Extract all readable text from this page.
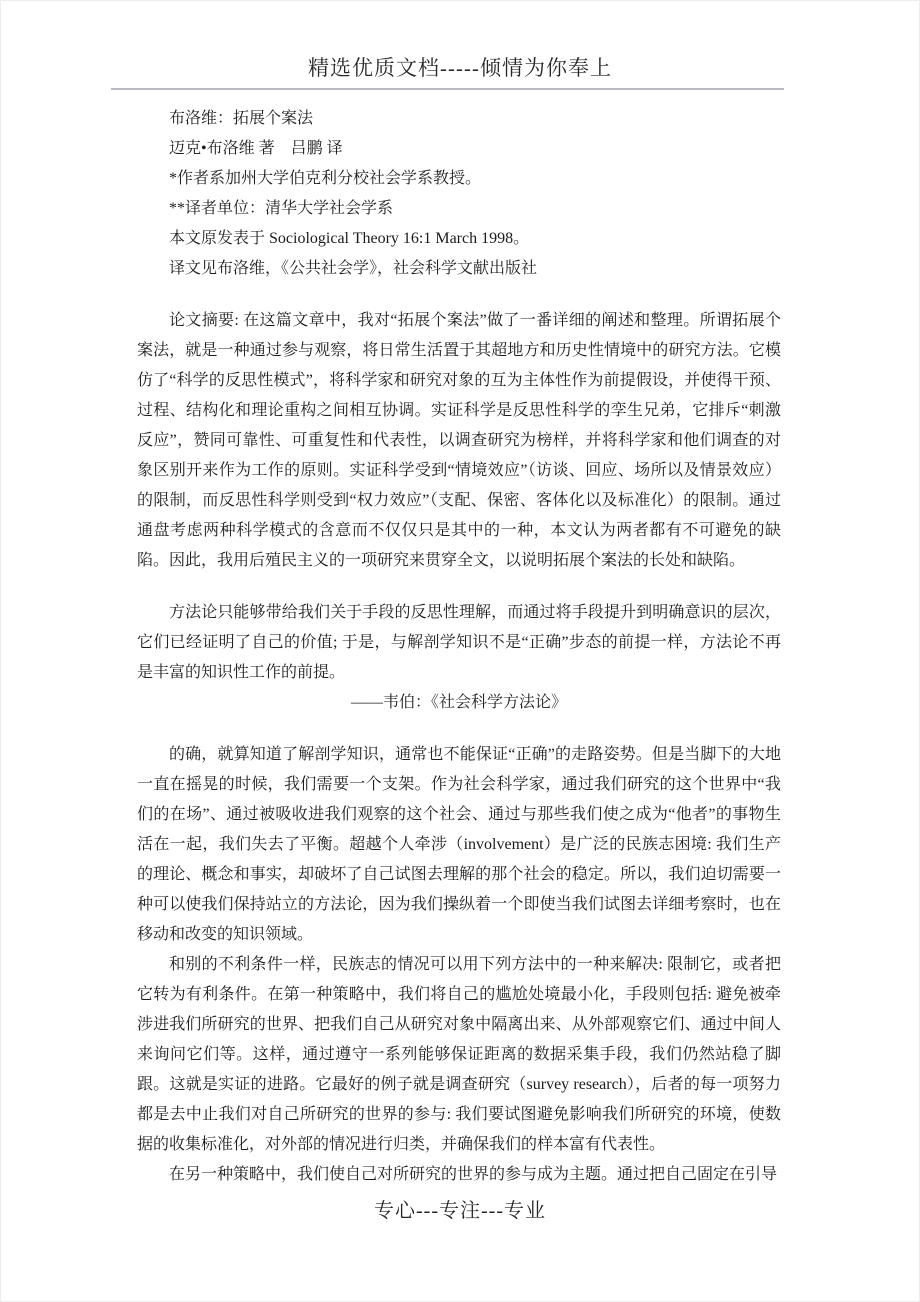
精选优质文档-----倾情为你奉上

布洛维：拓展个案法

迈克•布洛维 著　吕鹏 译

*作者系加州大学伯克利分校社会学系教授。

**译者单位：清华大学社会学系

本文原发表于 Sociological Theory 16:1 March 1998。

译文见布洛维，《公共社会学》，社会科学文献出版社

论文摘要: 在这篇文章中，我对“拓展个案法”做了一番详细的阐述和整理。所谓拓展个案法，就是一种通过参与观察，将日常生活置于其超地方和历史性情境中的研究方法。它模仿了“科学的反思性模式”，将科学家和研究对象的互为主体性作为前提假设，并使得干预、过程、结构化和理论重构之间相互协调。实证科学是反思性科学的孪生兄弟，它排斥“刺激反应”，赞同可靠性、可重复性和代表性，以调查研究为榜样，并将科学家和他们调查的对象区别开来作为工作的原则。实证科学受到“情境效应”（访谈、回应、场所以及情景效应）的限制，而反思性科学则受到“权力效应”（支配、保密、客体化以及标准化）的限制。通过通盘考虑两种科学模式的含意而不仅仅只是其中的一种，本文认为两者都有不可避免的缺陷。因此，我用后殖民主义的一项研究来贯穿全文，以说明拓展个案法的长处和缺陷。

方法论只能够带给我们关于手段的反思性理解，而通过将手段提升到明确意识的层次，它们已经证明了自己的价值; 于是，与解剖学知识不是“正确”步态的前提一样，方法论不再是丰富的知识性工作的前提。

——韦伯：《社会科学方法论》

的确，就算知道了解剖学知识，通常也不能保证“正确”的走路姿势。但是当脚下的大地一直在摇晃的时候，我们需要一个支架。作为社会科学家，通过我们研究的这个世界中“我们的在场”、通过被吸收进我们观察的这个社会、通过与那些我们使之成为“他者”的事物生活在一起，我们失去了平衡。超越个人牵涉（involvement）是广泛的民族志困境: 我们生产的理论、概念和事实，却破坏了自己试图去理解的那个社会的稳定。所以，我们迫切需要一种可以使我们保持站立的方法论，因为我们操纵着一个即使当我们试图去详细考察时，也在移动和改变的知识领域。

和别的不利条件一样，民族志的情况可以用下列方法中的一种来解决: 限制它，或者把它转为有利条件。在第一种策略中，我们将自己的尴尬处境最小化，手段则包括: 避免被牵涉进我们所研究的世界、把我们自己从研究对象中隔离出来、从外部观察它们、通过中间人来询问它们等。这样，通过遵守一系列能够保证距离的数据采集手段，我们仍然站稳了脚跟。这就是实证的进路。它最好的例子就是调查研究（survey research），后者的每一项努力都是去中止我们对自己所研究的世界的参与: 我们要试图避免影响我们所研究的环境，使数据的收集标准化，对外部的情况进行归类，并确保我们的样本富有代表性。

在另一种策略中，我们使自己对所研究的世界的参与成为主题。通过把自己固定在引导

专心---专注---专业
